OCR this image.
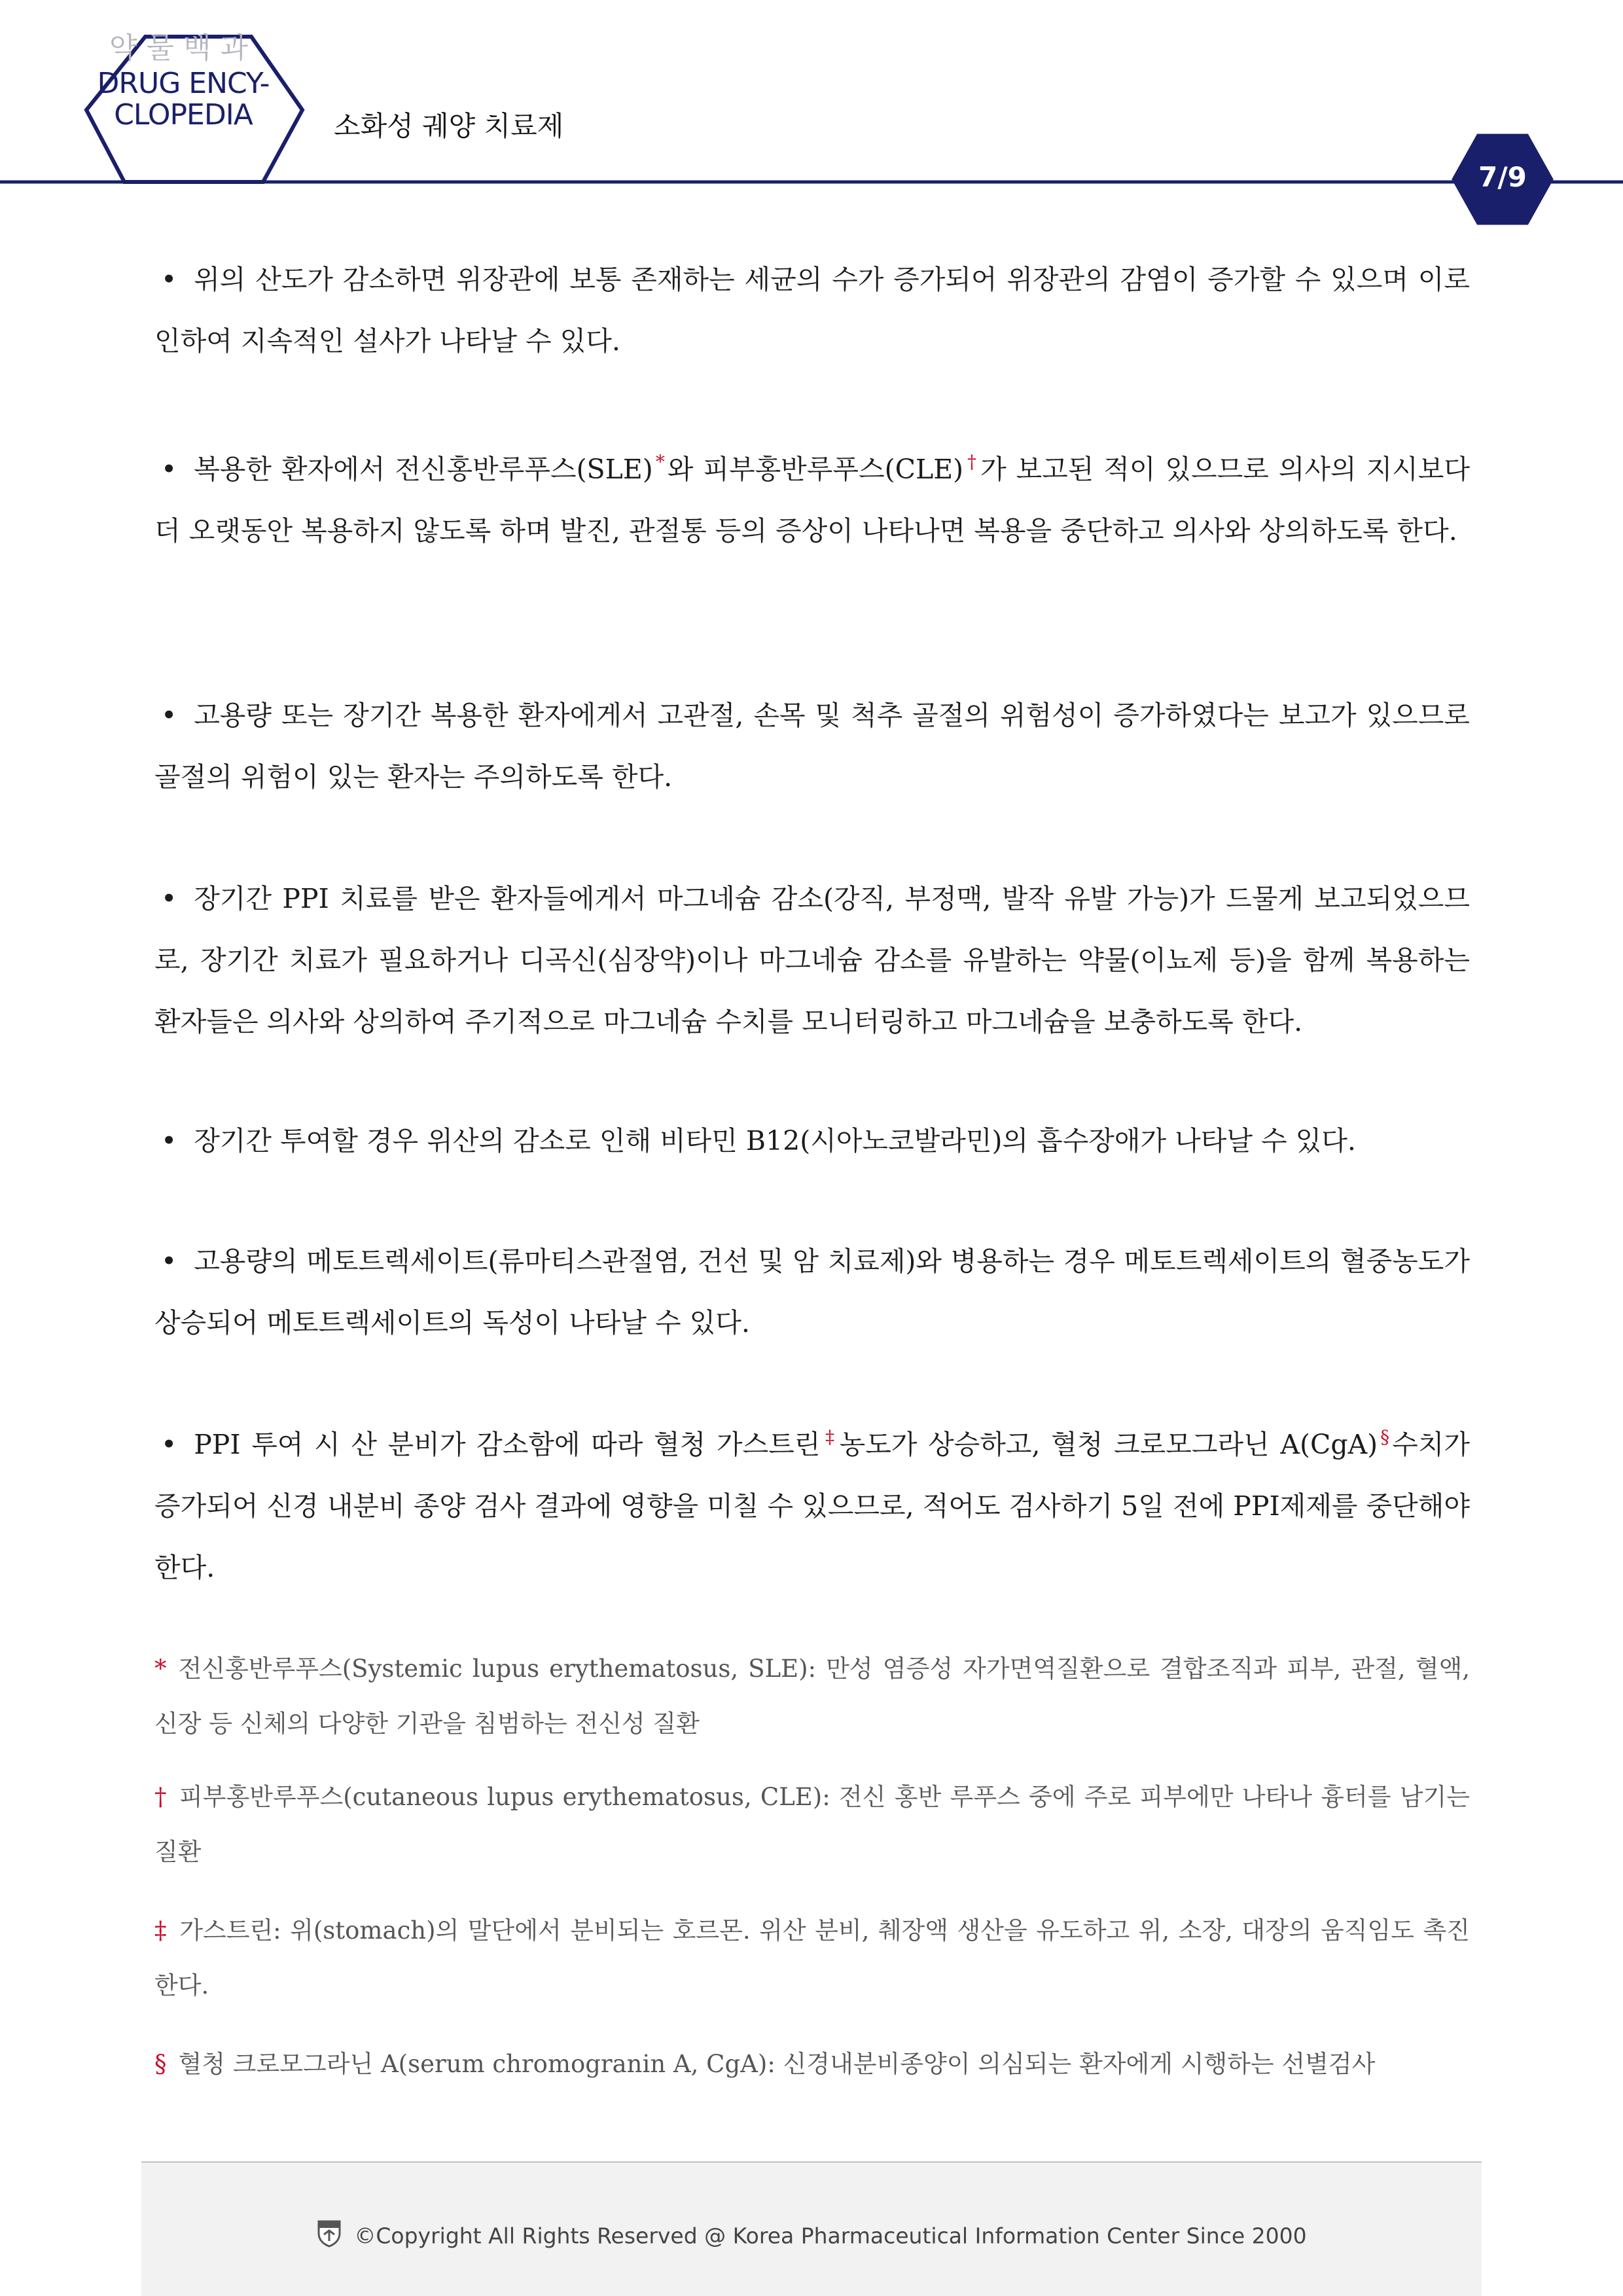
약물백과
DRUG ENCY-
CLOPEDIA	소화성 궤양 치료제
7/9

• 위의 산도가 감소하면 위장관에 보통 존재하는 세균의 수가 증가되어 위장관의 감염이 증가할 수 있으며 이로 인하여 지속적인 설사가 나타날 수 있다.

• 복용한 환자에서 전신홍반루푸스(SLE) *와 피부홍반루푸스(CLE) †가 보고된 적이 있으므로 의사의 지시보다 더 오랫동안 복용하지 않도록 하며 발진, 관절통 등의 증상이 나타나면 복용을 중단하고 의사와 상의하도록 한다.

• 고용량 또는 장기간 복용한 환자에게서 고관절, 손목 및 척추 골절의 위험성이 증가하였다는 보고가 있으므로 골절의 위험이 있는 환자는 주의하도록 한다.

• 장기간 PPI 치료를 받은 환자들에게서 마그네슘 감소(강직, 부정맥, 발작 유발 가능)가 드물게 보고되었으므로, 장기간 치료가 필요하거나 디곡신(심장약)이나 마그네슘 감소를 유발하는 약물(이뇨제 등)을 함께 복용하는 환자들은 의사와 상의하여 주기적으로 마그네슘 수치를 모니터링하고 마그네슘을 보충하도록 한다.

• 장기간 투여할 경우 위산의 감소로 인해 비타민 B12(시아노코발라민)의 흡수장애가 나타날 수 있다.

• 고용량의 메토트렉세이트(류마티스관절염, 건선 및 암 치료제)와 병용하는 경우 메토트렉세이트의 혈중농도가 상승되어 메토트렉세이트의 독성이 나타날 수 있다.

• PPI 투여 시 산 분비가 감소함에 따라 혈청 가스트린 ‡농도가 상승하고, 혈청 크로모그라닌 A(CgA) §수치가 증가되어 신경 내분비 종양 검사 결과에 영향을 미칠 수 있으므로, 적어도 검사하기 5일 전에 PPI제제를 중단해야 한다.

* 전신홍반루푸스(Systemic lupus erythematosus, SLE): 만성 염증성 자가면역질환으로 결합조직과 피부, 관절, 혈액, 신장 등 신체의 다양한 기관을 침범하는 전신성 질환

† 피부홍반루푸스(cutaneous lupus erythematosus, CLE): 전신 홍반 루푸스 중에 주로 피부에만 나타나 흉터를 남기는 질환

‡ 가스트린: 위(stomach)의 말단에서 분비되는 호르몬. 위산 분비, 췌장액 생산을 유도하고 위, 소장, 대장의 움직임도 촉진한다.

§ 혈청 크로모그라닌 A(serum chromogranin A, CgA): 신경내분비종양이 의심되는 환자에게 시행하는 선별검사

©Copyright All Rights Reserved @ Korea Pharmaceutical Information Center Since 2000
